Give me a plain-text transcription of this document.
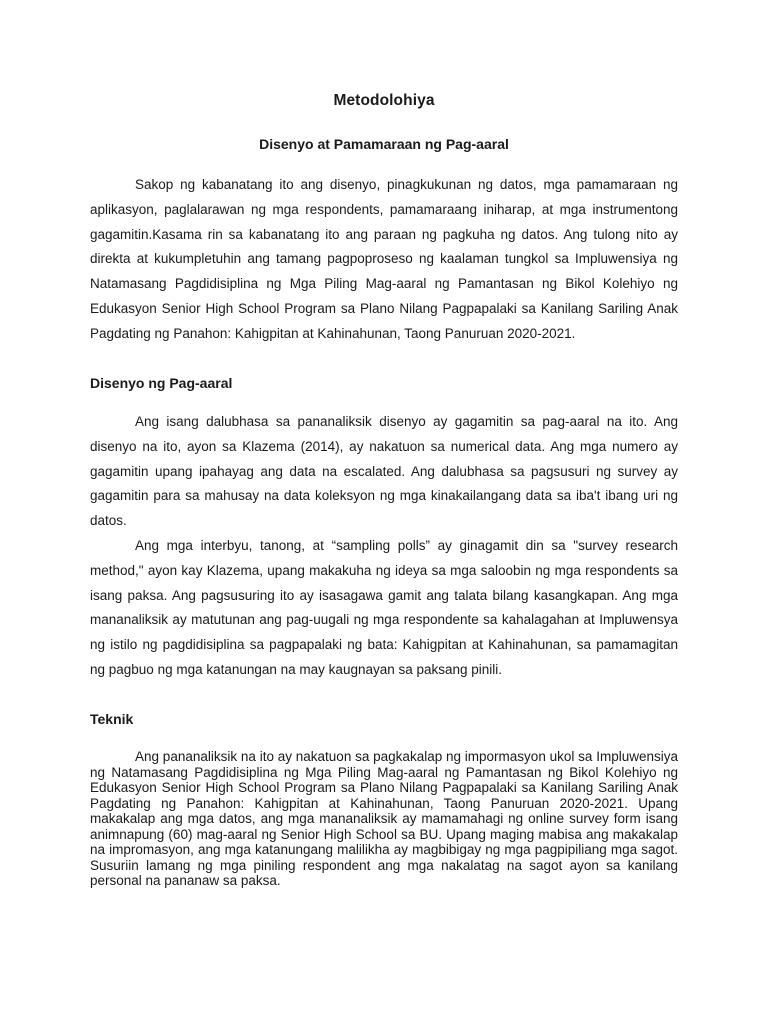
Metodolohiya
Disenyo at Pamamaraan ng Pag-aaral

Sakop ng kabanatang ito ang disenyo, pinagkukunan ng datos, mga pamamaraan ng aplikasyon, paglalarawan ng mga respondents, pamamaraang iniharap, at mga instrumentong gagamitin.Kasama rin sa kabanatang ito ang paraan ng pagkuha ng datos. Ang tulong nito ay direkta at kukumpletuhin ang tamang pagpoproseso ng kaalaman tungkol sa Impluwensiya ng Natamasang Pagdidisiplina ng Mga Piling Mag-aaral ng Pamantasan ng Bikol Kolehiyo ng Edukasyon Senior High School Program sa Plano Nilang Pagpapalaki sa Kanilang Sariling Anak Pagdating ng Panahon: Kahigpitan at Kahinahunan, Taong Panuruan 2020-2021.

Disenyo ng Pag-aaral

Ang isang dalubhasa sa pananaliksik disenyo ay gagamitin sa pag-aaral na ito. Ang disenyo na ito, ayon sa Klazema (2014), ay nakatuon sa numerical data. Ang mga numero ay gagamitin upang ipahayag ang data na escalated. Ang dalubhasa sa pagsusuri ng survey ay gagamitin para sa mahusay na data koleksyon ng mga kinakailangang data sa iba't ibang uri ng datos.

Ang mga interbyu, tanong, at “sampling polls” ay ginagamit din sa "survey research method," ayon kay Klazema, upang makakuha ng ideya sa mga saloobin ng mga respondents sa isang paksa. Ang pagsusuring ito ay isasagawa gamit ang talata bilang kasangkapan. Ang mga mananaliksik ay matutunan ang pag-uugali ng mga respondente sa kahalagahan at Impluwensya ng istilo ng pagdidisiplina sa pagpapalaki ng bata: Kahigpitan at Kahinahunan, sa pamamagitan ng pagbuo ng mga katanungan na may kaugnayan sa paksang pinili.

Teknik

Ang pananaliksik na ito ay nakatuon sa pagkakalap ng impormasyon ukol sa Impluwensiya ng Natamasang Pagdidisiplina ng Mga Piling Mag-aaral ng Pamantasan ng Bikol Kolehiyo ng Edukasyon Senior High School Program sa Plano Nilang Pagpapalaki sa Kanilang Sariling Anak Pagdating ng Panahon: Kahigpitan at Kahinahunan, Taong Panuruan 2020-2021. Upang makakalap ang mga datos, ang mga mananaliksik ay mamamahagi ng online survey form isang animnapung (60) mag-aaral ng Senior High School sa BU. Upang maging mabisa ang makakalap na impromasyon, ang mga katanungang malilikha ay magbibigay ng mga pagpipiliang mga sagot. Susuriin lamang ng mga piniling respondent ang mga nakalatag na sagot ayon sa kanilang personal na pananaw sa paksa.
